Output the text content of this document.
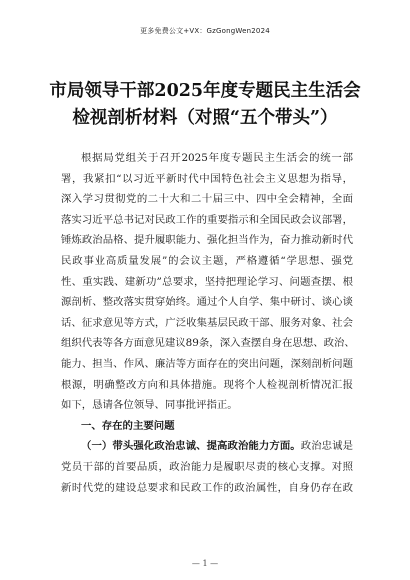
更多免费公文+VX：GzGongWen2024
市局领导干部2025年度专题民主生活会
检视剖析材料（对照“五个带头”）
根据局党组关于召开2025年度专题民主生活会的统一部
署，我紧扣“以习近平新时代中国特色社会主义思想为指导，
深入学习贯彻党的二十大和二十届三中、四中全会精神，全面
落实习近平总书记对民政工作的重要指示和全国民政会议部署，
锤炼政治品格、提升履职能力、强化担当作为，奋力推动新时代
民政事业高质量发展”的会议主题，严格遵循“学思想、强党
性、重实践、建新功”总要求，坚持把理论学习、问题查摆、根
源剖析、整改落实贯穿始终。通过个人自学、集中研讨、谈心谈
话、征求意见等方式，广泛收集基层民政干部、服务对象、社会
组织代表等各方面意见建议89条，深入查摆自身在思想、政治、
能力、担当、作风、廉洁等方面存在的突出问题，深刻剖析问题
根源，明确整改方向和具体措施。现将个人检视剖析情况汇报
如下，恳请各位领导、同事批评指正。
一、存在的主要问题
（一）带头强化政治忠诚、提高政治能力方面。政治忠诚是
党员干部的首要品质，政治能力是履职尽责的核心支撑。对照
新时代党的建设总要求和民政工作的政治属性，自身仍存在政
— 1 —
